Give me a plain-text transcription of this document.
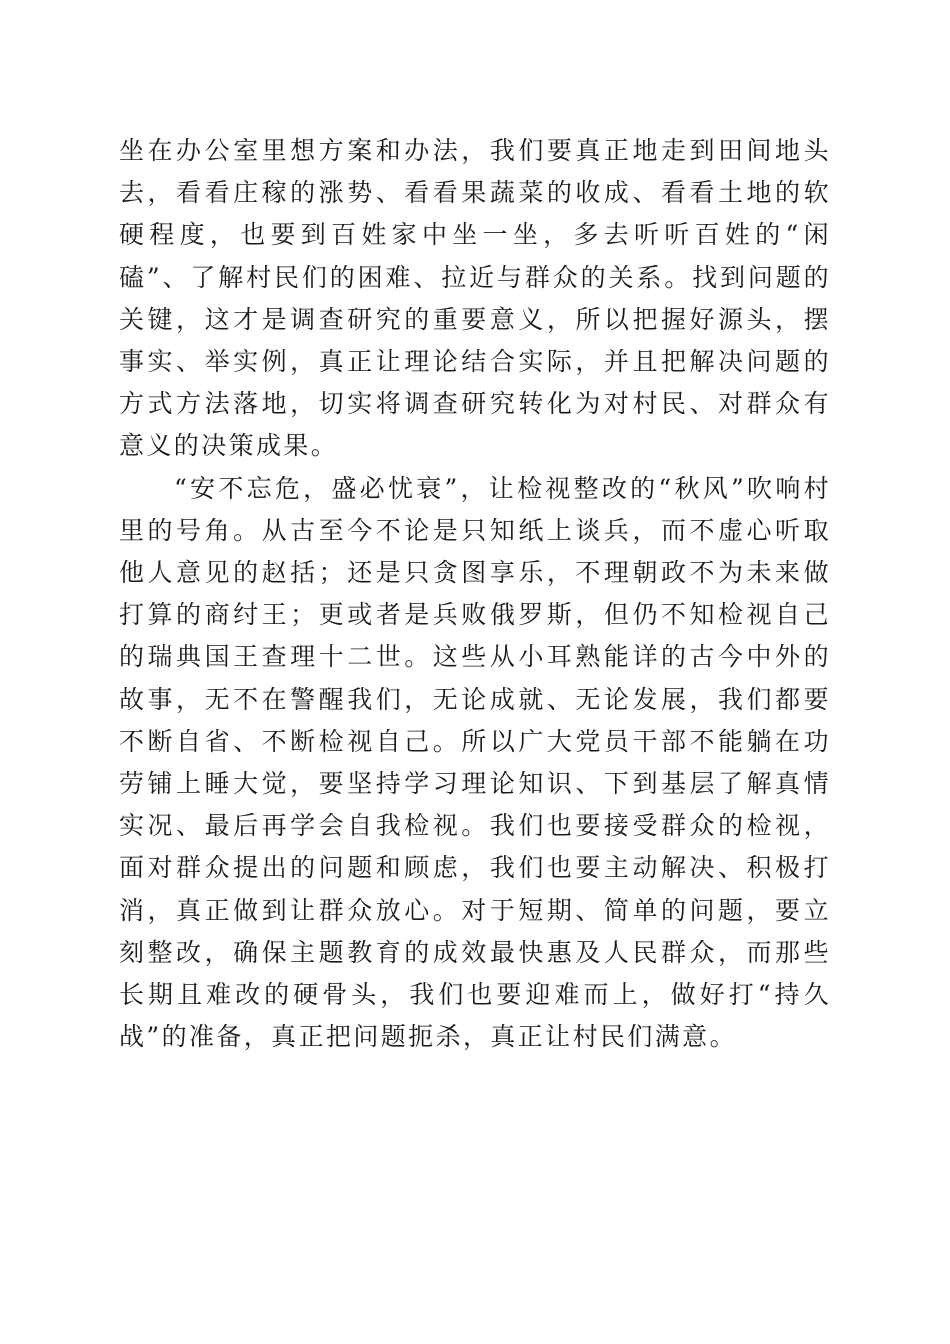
坐在办公室里想方案和办法，我们要真正地走到田间地头去，看看庄稼的涨势、看看果蔬菜的收成、看看土地的软硬程度，也要到百姓家中坐一坐，多去听听百姓的“闲磕”、了解村民们的困难、拉近与群众的关系。找到问题的关键，这才是调查研究的重要意义，所以把握好源头，摆事实、举实例，真正让理论结合实际，并且把解决问题的方式方法落地，切实将调查研究转化为对村民、对群众有意义的决策成果。

“安不忘危，盛必忧衰”，让检视整改的“秋风”吹响村里的号角。从古至今不论是只知纸上谈兵，而不虚心听取他人意见的赵括；还是只贪图享乐，不理朝政不为未来做打算的商纣王；更或者是兵败俄罗斯，但仍不知检视自己的瑞典国王查理十二世。这些从小耳熟能详的古今中外的故事，无不在警醒我们，无论成就、无论发展，我们都要不断自省、不断检视自己。所以广大党员干部不能躺在功劳铺上睡大觉，要坚持学习理论知识、下到基层了解真情实况、最后再学会自我检视。我们也要接受群众的检视，面对群众提出的问题和顾虑，我们也要主动解决、积极打消，真正做到让群众放心。对于短期、简单的问题，要立刻整改，确保主题教育的成效最快惠及人民群众，而那些长期且难改的硬骨头，我们也要迎难而上，做好打“持久战”的准备，真正把问题扼杀，真正让村民们满意。
